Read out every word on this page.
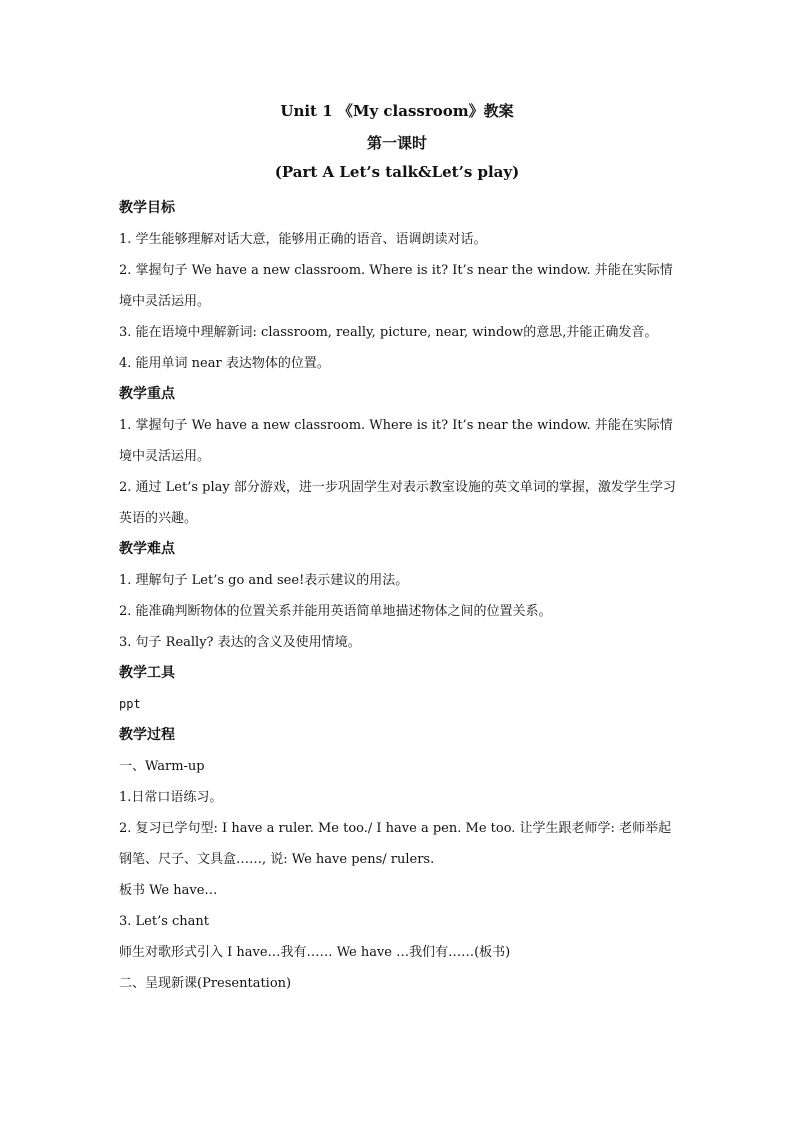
Unit 1 《My classroom》教案
第一课时
(Part A Let’s talk&Let’s play)

教学目标

1. 学生能够理解对话大意，能够用正确的语音、语调朗读对话。

2. 掌握句子 We have a new classroom. Where is it? It’s near the window. 并能在实际情境中灵活运用。

3. 能在语境中理解新词: classroom, really, picture, near, window的意思,并能正确发音。

4. 能用单词 near 表达物体的位置。

教学重点

1. 掌握句子 We have a new classroom. Where is it? It’s near the window. 并能在实际情境中灵活运用。

2. 通过 Let’s play 部分游戏，进一步巩固学生对表示教室设施的英文单词的掌握，激发学生学习英语的兴趣。

教学难点

1. 理解句子 Let’s go and see!表示建议的用法。

2. 能准确判断物体的位置关系并能用英语简单地描述物体之间的位置关系。

3. 句子 Really? 表达的含义及使用情境。

教学工具

ppt

教学过程

一、Warm-up

1.日常口语练习。

2. 复习已学句型: I have a ruler. Me too./ I have a pen. Me too. 让学生跟老师学: 老师举起钢笔、尺子、文具盒……, 说: We have pens/ rulers.

板书 We have…

3. Let’s chant

师生对歌形式引入 I have…我有…… We have …我们有……(板书)

二、呈现新课(Presentation)
